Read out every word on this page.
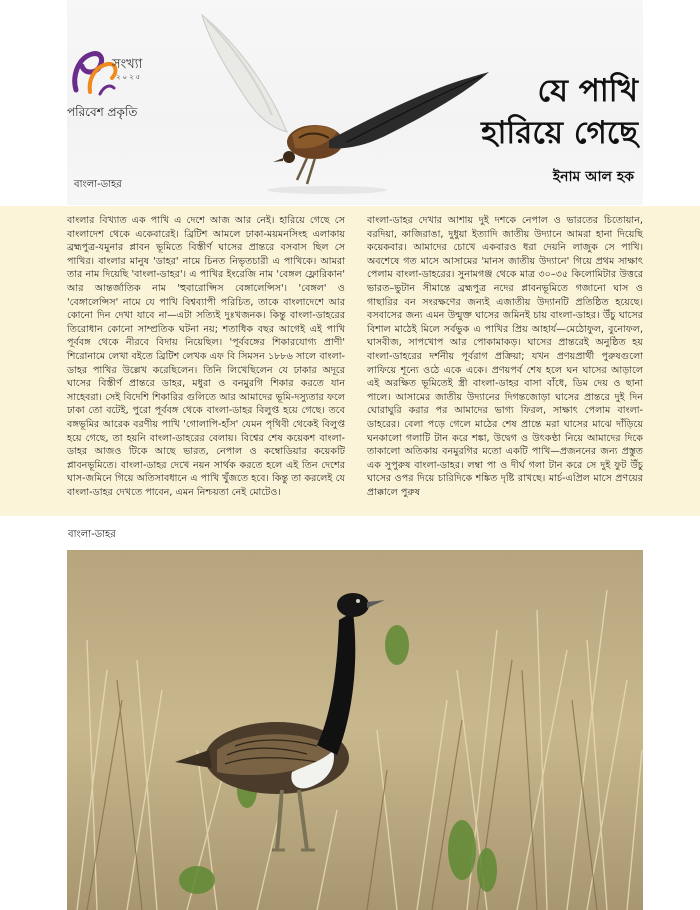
সংখ্যা
২০২৫
পরিবেশ প্রকৃতি
যে পাখি
হারিয়ে গেছে
ইনাম আল হক
বাংলা-ডাহর

বাংলার বিখ্যাত এক পাখি এ দেশে আজ আর নেই। হারিয়ে গেছে সে বাংলাদেশ থেকে একেবারেই। ব্রিটিশ আমলে ঢাকা-ময়মনসিংহ এলাকায় ব্রহ্মপুত্র-যমুনার প্লাবন ভূমিতে বিস্তীর্ণ ঘাসের প্রান্তরে বসবাস ছিল সে পাখির। বাংলার মানুষ 'ডাহর' নামে চিনত নিভৃতচারী এ পাখিকে। আমরা তার নাম দিয়েছি 'বাংলা-ডাহর'। এ পাখির ইংরেজি নাম 'বেঙ্গল ফ্লোরিকান' আর আন্তর্জাতিক নাম 'হুবারোপ্সিস বেঙ্গালেন্সিস'। 'বেঙ্গল' ও 'বেঙ্গালেন্সিস' নামে যে পাখি বিশ্বব্যাপী পরিচিত, তাকে বাংলাদেশে আর কোনো দিন দেখা যাবে না—এটা সত্যিই দুঃখজনক। কিন্তু বাংলা-ডাহরের তিরোধান কোনো সাম্প্রতিক ঘটনা নয়; শতাধিক বছর আগেই এই পাখি পূর্ববঙ্গ থেকে নীরবে বিদায় নিয়েছিল। 'পূর্ববঙ্গের শিকারযোগ্য প্রাণী' শিরোনামে লেখা বইতে ব্রিটিশ লেখক এফ বি সিমসন ১৮৮৬ সালে বাংলা-ডাহর পাখির উল্লেখ করেছিলেন। তিনি লিখেছিলেন যে ঢাকার অদূরে ঘাসের বিস্তীর্ণ প্রান্তরে ডাহর, মধুরা ও বনমুরগি শিকার করতে যান সাহেবরা। সেই বিদেশি শিকারির গুলিতে আর আমাদের ভূমি-দস্যুতার ফলে ঢাকা তো বটেই, পুরো পূর্ববঙ্গ থেকে বাংলা-ডাহর বিলুপ্ত হয়ে গেছে। তবে বঙ্গভূমির আরেক বরণীয় পাখি 'গোলাপি-হাঁস' যেমন পৃথিবী থেকেই বিলুপ্ত হয়ে গেছে, তা হয়নি বাংলা-ডাহরের বেলায়। বিশ্বের শেষ কয়েকশ বাংলা-ডাহর আজও টিকে আছে ভারত, নেপাল ও কম্বোডিয়ার কয়েকটি প্লাবনভূমিতে। বাংলা-ডাহর দেখে নয়ন সার্থক করতে হলে এই তিন দেশের ঘাস-জমিনে গিয়ে অতিসাবধানে এ পাখি খুঁজতে হবে। কিন্তু তা করলেই যে বাংলা-ডাহর দেখতে পাবেন, এমন নিশ্চয়তা নেই মোটেও।

বাংলা-ডাহর দেখার আশায় দুই দশকে নেপাল ও ভারতের চিতোয়ান, বরদিয়া, কাজিরাঙা, দুধুয়া ইত্যাদি জাতীয় উদ্যানে আমরা হানা দিয়েছি কয়েকবার। আমাদের চোখে একবারও ধরা দেয়নি লাজুক সে পাখি। অবশেষে গত মাসে আসামের 'মানস জাতীয় উদ্যানে' গিয়ে প্রথম সাক্ষাৎ পেলাম বাংলা-ডাহরের। সুনামগঞ্জ থেকে মাত্র ৩০–৩৫ কিলোমিটার উত্তরে ভারত–ভুটান সীমান্তে ব্রহ্মপুত্র নদের প্লাবনভূমিতে গজানো ঘাস ও গাছারির বন সংরক্ষণের জন্যই এজাতীয় উদ্যানটি প্রতিষ্ঠিত হয়েছে। বসবাসের জন্য এমন উন্মুক্ত ঘাসের জমিনই চায় বাংলা-ডাহর। উঁচু ঘাসের বিশাল মাঠেই মিলে সর্বভুক এ পাখির প্রিয় আহার্য—মেঠোফুল, বুনোফল, ঘাসবীজ, সাপখোপ আর পোকামাকড়। ঘাসের প্রান্তরেই অনুষ্ঠিত হয় বাংলা-ডাহরের দর্শনীয় পূর্বরাগ প্রক্রিয়া; যখন প্রণয়প্রার্থী পুরুষগুলো লাফিয়ে শূন্যে ওঠে একে একে। প্রণয়পর্ব শেষ হলে ঘন ঘাসের আড়ালে এই অরক্ষিত ভূমিতেই স্ত্রী বাংলা-ডাহর বাসা বাঁধে, ডিম দেয় ও ছানা পালে। আসামের জাতীয় উদ্যানের দিগন্তজোড়া ঘাসের প্রান্তরে দুই দিন ঘোরাঘুরি করার পর আমাদের ভাগ্য ফিরল, সাক্ষাৎ পেলাম বাংলা-ডাহরের। বেলা পড়ে গেলে মাঠের শেষ প্রান্তে মরা ঘাসের মাঝে দাঁড়িয়ে ঘনকালো গলাটি টান করে শঙ্কা, উদ্বেগ ও উৎকণ্ঠা নিয়ে আমাদের দিকে তাকালো অতিকায় বনমুরগির মতো একটি পাখি—প্রজননের জন্য প্রস্তুত এক সুপুরুষ বাংলা-ডাহর। লম্বা পা ও দীর্ঘ গলা টান করে সে দুই ফুট উঁচু ঘাসের ওপর দিয়ে চারিদিকে শঙ্কিত দৃষ্টি রাখছে। মার্চ-এপ্রিল মাসে প্রণয়ের প্রাক্কালে পুরুষ

বাংলা-ডাহর
